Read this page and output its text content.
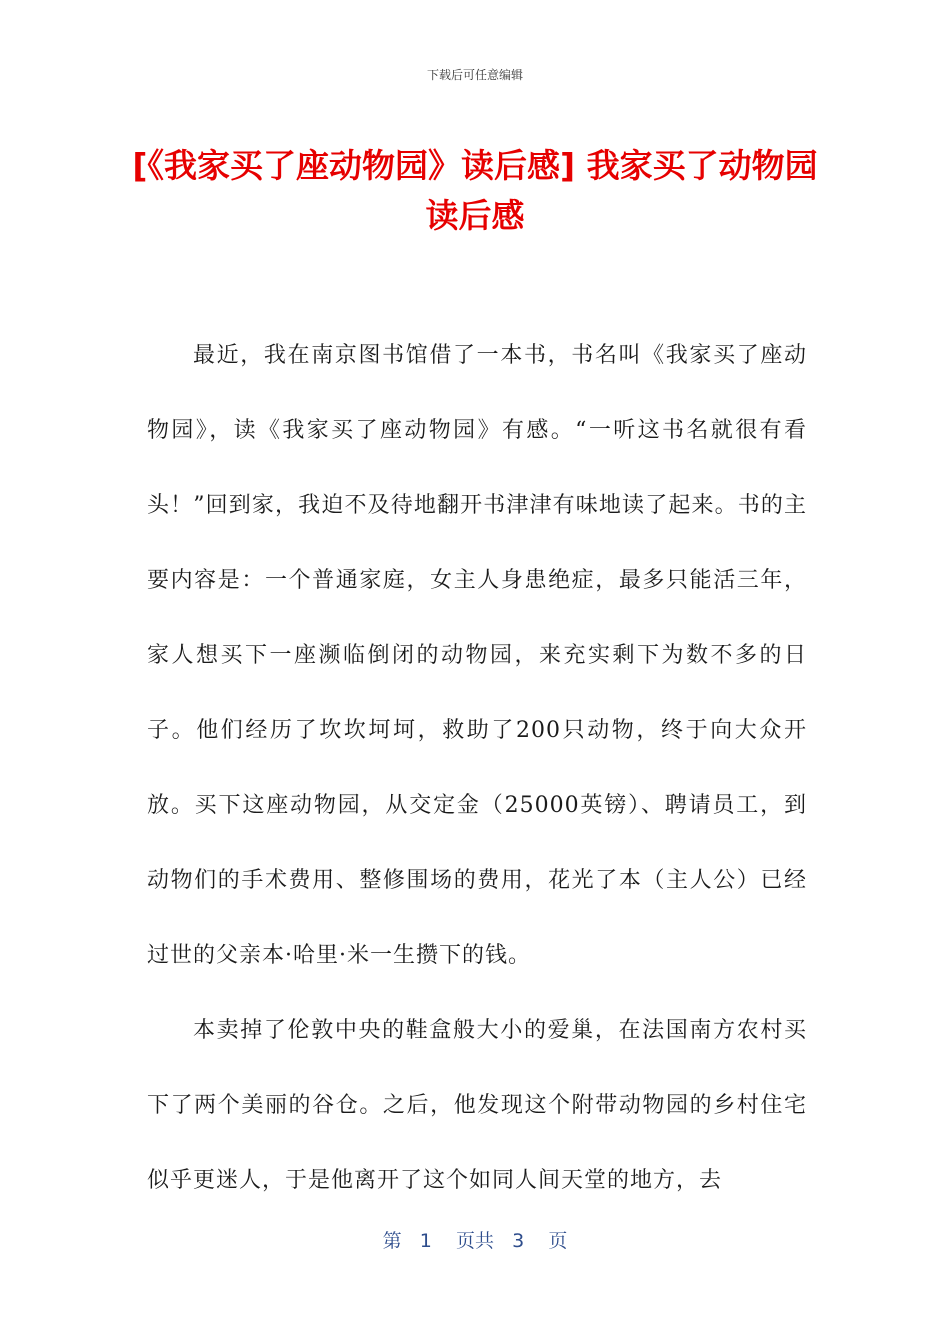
下载后可任意编辑
[《我家买了座动物园》读后感] 我家买了动物园读后感

最近，我在南京图书馆借了一本书，书名叫《我家买了座动物园》，读《我家买了座动物园》有感。“一听这书名就很有看头！”回到家，我迫不及待地翻开书津津有味地读了起来。书的主要内容是：一个普通家庭，女主人身患绝症，最多只能活三年，家人想买下一座濒临倒闭的动物园，来充实剩下为数不多的日子。他们经历了坎坎坷坷，救助了200只动物，终于向大众开放。买下这座动物园，从交定金（25000英镑）、聘请员工，到动物们的手术费用、整修围场的费用，花光了本（主人公）已经过世的父亲本·哈里·米一生攒下的钱。

本卖掉了伦敦中央的鞋盒般大小的爱巢，在法国南方农村买下了两个美丽的谷仓。之后，他发现这个附带动物园的乡村住宅似乎更迷人，于是他离开了这个如同人间天堂的地方，去

第 1 页共 3 页
